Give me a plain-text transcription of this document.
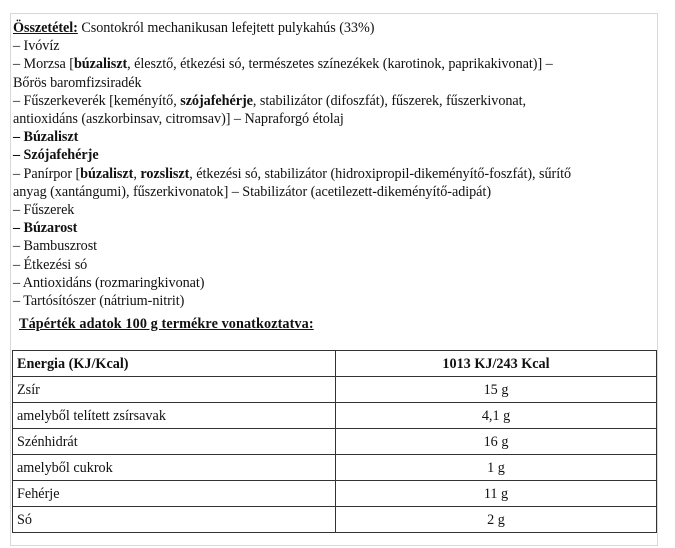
Összetétel: Csontokról mechanikusan lefejtett pulykahús (33%)
– Ivóvíz
– Morzsa [búzaliszt, élesztő, étkezési só, természetes színezékek (karotinok, paprikakivonat)] –
Bőrös baromfizsiradék
– Fűszerkeverék [keményítő, szójafehérje, stabilizátor (difoszfát), fűszerek, fűszerkivonat,
antioxidáns (aszkorbinsav, citromsav)] – Napraforgó étolaj
– Búzaliszt
– Szójafehérje
– Panírpor [búzaliszt, rozsliszt, étkezési só, stabilizátor (hidroxipropil-dikeményítő-foszfát), sűrítő
anyag (xantángumi), fűszerkivonatok] – Stabilizátor (acetilezett-dikeményítő-adipát)
– Fűszerek
– Búzarost
– Bambuszrost
– Étkezési só
– Antioxidáns (rozmaringkivonat)
– Tartósítószer (nátrium-nitrit)
Tápérték adatok 100 g termékre vonatkoztatva:
Energia (KJ/Kcal)	1013 KJ/243 Kcal
Zsír	15 g
amelyből telített zsírsavak	4,1 g
Szénhidrát	16 g
amelyből cukrok	1 g
Fehérje	11 g
Só	2 g
